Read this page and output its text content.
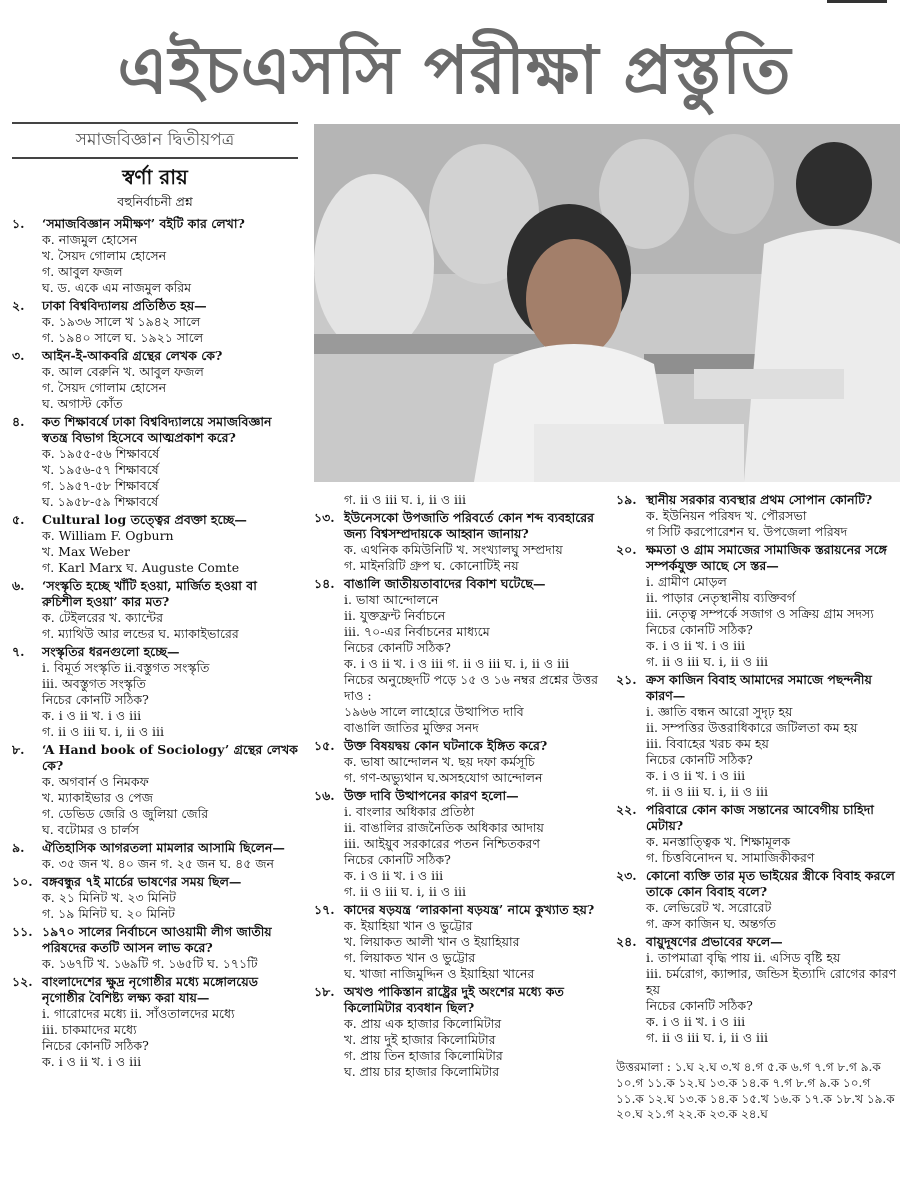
এইচএসসি পরীক্ষা প্রস্তুতি
সমাজবিজ্ঞান দ্বিতীয়পত্র
স্বর্ণা রায়
বহুনির্বাচনী প্রশ্ন
১.	‘সমাজবিজ্ঞান সমীক্ষণ’ বইটি কার লেখা?
ক. নাজমুল হোসেন
খ. সৈয়দ গোলাম হোসেন
গ. আবুল ফজল
ঘ. ড. একে এম নাজমুল করিম
২.	ঢাকা বিশ্ববিদ্যালয় প্রতিষ্ঠিত হয়—
ক. ১৯৩৬ সালে খ ১৯৪২ সালে
গ. ১৯৪০ সালে ঘ. ১৯২১ সালে
৩.	আইন-ই-আকবরি গ্রন্থের লেখক কে?
ক. আল বেরুনি খ. আবুল ফজল
গ. সৈয়দ গোলাম হোসেন
ঘ. অগাস্ট কোঁত
৪.	কত শিক্ষাবর্ষে ঢাকা বিশ্ববিদ্যালয়ে সমাজবিজ্ঞান স্বতন্ত্র বিভাগ হিসেবে আত্মপ্রকাশ করে?
ক. ১৯৫৫-৫৬ শিক্ষাবর্ষে
খ. ১৯৫৬-৫৭ শিক্ষাবর্ষে
গ. ১৯৫৭-৫৮ শিক্ষাবর্ষে
ঘ. ১৯৫৮-৫৯ শিক্ষাবর্ষে
৫.	Cultural log তত্ত্বের প্রবক্তা হচ্ছে—
ক. William F. Ogburn
খ. Max Weber
গ. Karl Marx ঘ. Auguste Comte
৬.	‘সংস্কৃতি হচ্ছে খাঁটি হওয়া, মার্জিত হওয়া বা রুচিশীল হওয়া’ কার মত?
ক. টেইলরের খ. ক্যান্টের
গ. ম্যাথিউ আর লন্ডের ঘ. ম্যাকাইভারের
৭.	সংস্কৃতির ধরনগুলো হচ্ছে—
i. বিমূর্ত সংস্কৃতি ii.বস্তুগত সংস্কৃতি
iii. অবস্তুগত সংস্কৃতি
নিচের কোনটি সঠিক?
ক. i ও ii খ. i ও iii
গ. ii ও iii ঘ. i, ii ও iii
৮.	‘A Hand book of Sociology’ গ্রন্থের লেখক কে?
ক. অগবার্ন ও নিমকফ
খ. ম্যাকাইভার ও পেজ
গ. ডেভিড জেরি ও জুলিয়া জেরি
ঘ. বটোমর ও চার্লস
৯.	ঐতিহাসিক আগরতলা মামলার আসামি ছিলেন—
ক. ৩৫ জন খ. ৪০ জন গ. ২৫ জন ঘ. ৪৫ জন
১০. বঙ্গবন্ধুর ৭ই মার্চের ভাষণের সময় ছিল—
ক. ২১ মিনিট খ. ২৩ মিনিট
গ. ১৯ মিনিট ঘ. ২০ মিনিট
১১. ১৯৭০ সালের নির্বাচনে আওয়ামী লীগ জাতীয় পরিষদের কতটি আসন লাভ করে?
ক. ১৬৭টি খ. ১৬৯টি গ. ১৬৫টি ঘ. ১৭১টি
১২. বাংলাদেশের ক্ষুদ্র নৃগোষ্ঠীর মধ্যে মঙ্গোলয়েড নৃগোষ্ঠীর বৈশিষ্ট্য লক্ষ্য করা যায়—
i. গারোদের মধ্যে ii. সাঁওতালদের মধ্যে
iii. চাকমাদের মধ্যে
নিচের কোনটি সঠিক?
ক. i ও ii খ. i ও iii
গ. ii ও iii ঘ. i, ii ও iii
১৩. ইউনেসকো উপজাতি পরিবর্তে কোন শব্দ ব্যবহারের জন্য বিশ্বসম্প্রদায়কে আহ্বান জানায়?
ক. এথনিক কমিউনিটি খ. সংখ্যালঘু সম্প্রদায়
গ. মাইনরিটি গ্রুপ ঘ. কোনোটিই নয়
১৪. বাঙালি জাতীয়তাবাদের বিকাশ ঘটেছে—
i. ভাষা আন্দোলনে
ii. যুক্তফ্রন্ট নির্বাচনে
iii. ৭০-এর নির্বাচনের মাধ্যমে
নিচের কোনটি সঠিক?
ক. i ও ii খ. i ও iii গ. ii ও iii ঘ. i, ii ও iii
নিচের অনুচ্ছেদটি পড়ে ১৫ ও ১৬ নম্বর প্রশ্নের উত্তর দাও :
১৯৬৬ সালে লাহোরে উত্থাপিত দাবি
বাঙালি জাতির মুক্তির সনদ
১৫. উক্ত বিষয়দ্বয় কোন ঘটনাকে ইঙ্গিত করে?
ক. ভাষা আন্দোলন খ. ছয় দফা কর্মসূচি
গ. গণ-অভ্যুথান ঘ.অসহযোগ আন্দোলন
১৬. উক্ত দাবি উত্থাপনের কারণ হলো—
i. বাংলার অধিকার প্রতিষ্ঠা
ii. বাঙালির রাজনৈতিক অধিকার আদায়
iii. আইয়ুব সরকারের পতন নিশ্চিতকরণ
নিচের কোনটি সঠিক?
ক. i ও ii খ. i ও iii
গ. ii ও iii ঘ. i, ii ও iii
১৭. কাদের ষড়যন্ত্র ‘লারকানা ষড়যন্ত্র’ নামে কুখ্যাত হয়?
ক. ইয়াহিয়া খান ও ভুট্টোর
খ. লিয়াকত আলী খান ও ইয়াহিয়ার
গ. লিয়াকত খান ও ভুট্টোর
ঘ. খাজা নাজিমুদ্দিন ও ইয়াহিয়া খানের
১৮. অখণ্ড পাকিস্তান রাষ্ট্রের দুই অংশের মধ্যে কত কিলোমিটার ব্যবধান ছিল?
ক. প্রায় এক হাজার কিলোমিটার
খ. প্রায় দুই হাজার কিলোমিটার
গ. প্রায় তিন হাজার কিলোমিটার
ঘ. প্রায় চার হাজার কিলোমিটার
১৯. স্থানীয় সরকার ব্যবস্থার প্রথম সোপান কোনটি?
ক. ইউনিয়ন পরিষদ খ. পৌরসভা
গ সিটি করপোরেশন ঘ. উপজেলা পরিষদ
২০. ক্ষমতা ও গ্রাম সমাজের সামাজিক স্তরায়নের সঙ্গে সম্পর্কযুক্ত আছে সে স্তর—
i. গ্রামীণ মোড়ল
ii. পাড়ার নেতৃস্থানীয় ব্যক্তিবর্গ
iii. নেতৃত্ব সম্পর্কে সজাগ ও সক্রিয় গ্রাম সদস্য
নিচের কোনটি সঠিক?
ক. i ও ii খ. i ও iii
গ. ii ও iii ঘ. i, ii ও iii
২১. ক্রস কাজিন বিবাহ আমাদের সমাজে পছন্দনীয় কারণ—
i. জ্ঞাতি বন্ধন আরো সুদৃঢ় হয়
ii. সম্পত্তির উত্তরাধিকারে জটিলতা কম হয়
iii. বিবাহের খরচ কম হয়
নিচের কোনটি সঠিক?
ক. i ও ii খ. i ও iii
গ. ii ও iii ঘ. i, ii ও iii
২২. পরিবারে কোন কাজ সন্তানের আবেগীয় চাহিদা মেটায়?
ক. মনস্তাত্ত্বিক খ. শিক্ষামূলক
গ. চিত্তবিনোদন ঘ. সামাজিকীকরণ
২৩. কোনো ব্যক্তি তার মৃত ভাইয়ের স্ত্রীকে বিবাহ করলে তাকে কোন বিবাহ বলে?
ক. লেভিরেট খ. সরোরেট
গ. ক্রস কাজিন ঘ. অন্তর্গত
২৪. বায়ুদূষণের প্রভাবের ফলে—
i. তাপমাত্রা বৃদ্ধি পায় ii. এসিড বৃষ্টি হয়
iii. চর্মরোগ, ক্যান্সার, জন্ডিস ইত্যাদি রোগের কারণ হয়
নিচের কোনটি সঠিক?
ক. i ও ii খ. i ও iii
গ. ii ও iii ঘ. i, ii ও iii
উত্তরমালা : ১.ঘ ২.ঘ ৩.খ ৪.গ ৫.ক ৬.গ ৭.গ ৮.গ ৯.ক ১০.গ ১১.ক ১২.ঘ ১৩.ক ১৪.ক ৭.গ ৮.গ ৯.ক ১০.গ ১১.ক ১২.ঘ ১৩.ক ১৪.ক ১৫.খ ১৬.ক ১৭.ক ১৮.খ ১৯.ক ২০.ঘ ২১.গ ২২.ক ২৩.ক ২৪.ঘ
